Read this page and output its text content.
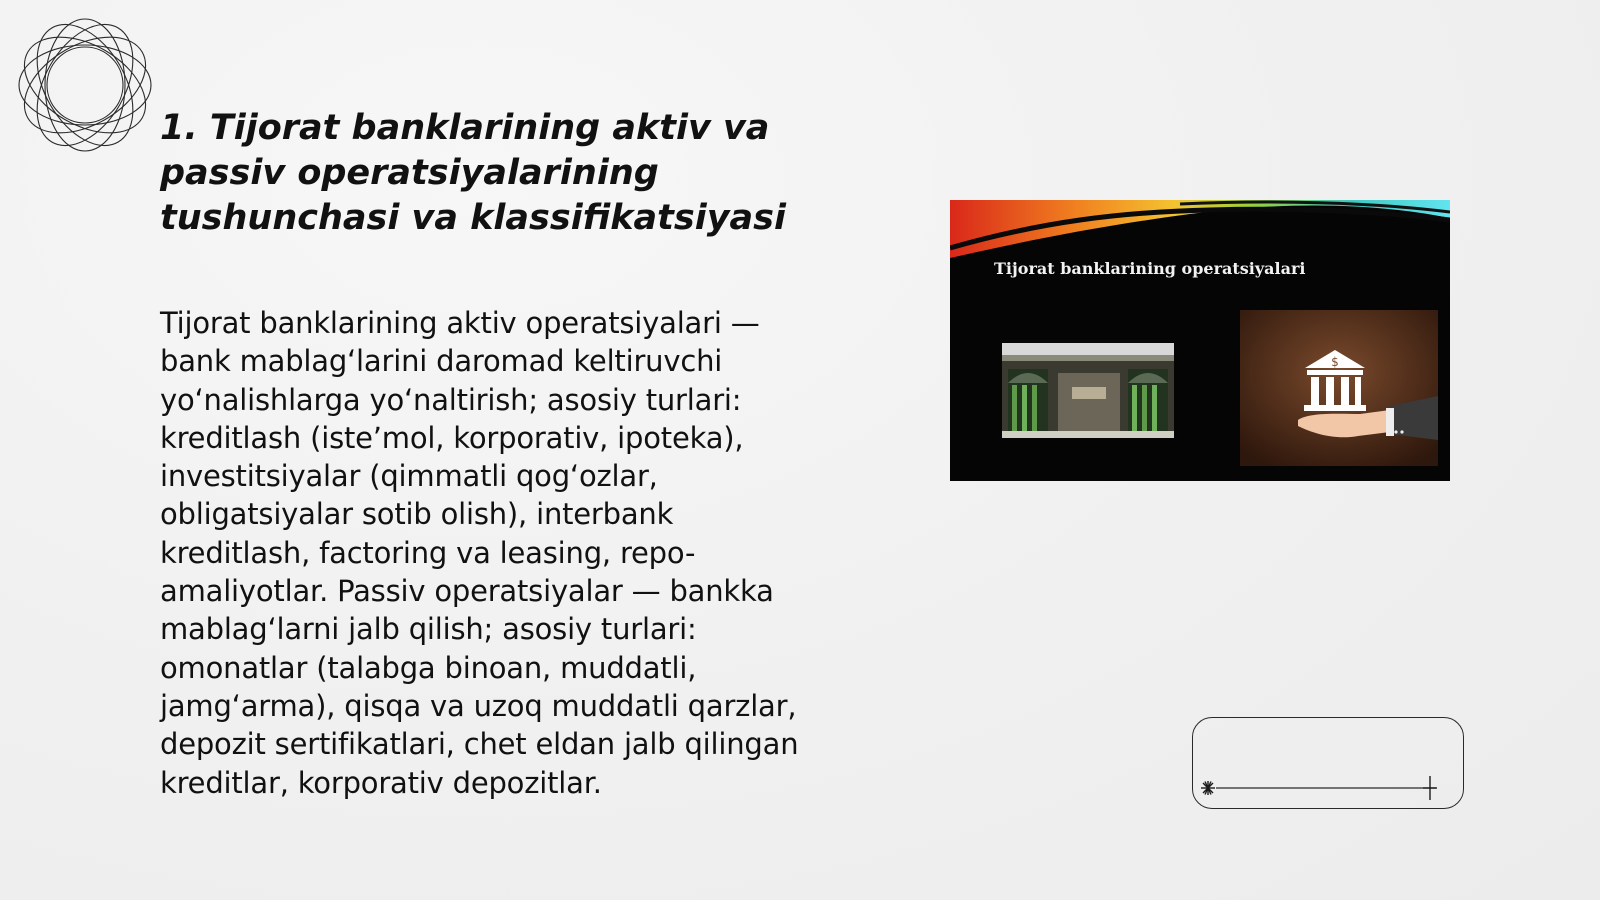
1. Tijorat banklarining aktiv va passiv operatsiyalarining tushunchasi va klassifikatsiyasi

Tijorat banklarining aktiv operatsiyalari — bank mablag‘larini daromad keltiruvchi yo‘nalishlarga yo‘naltirish; asosiy turlari: kreditlash (iste’mol, korporativ, ipoteka), investitsiyalar (qimmatli qog‘ozlar, obligatsiyalar sotib olish), interbank kreditlash, factoring va leasing, repo-amaliyotlar. Passiv operatsiyalar — bankka mablag‘larni jalb qilish; asosiy turlari: omonatlar (talabga binoan, muddatli, jamg‘arma), qisqa va uzoq muddatli qarzlar, depozit sertifikatlari, chet eldan jalb qilingan kreditlar, korporativ depozitlar.

Tijorat banklarining operatsiyalari
$
